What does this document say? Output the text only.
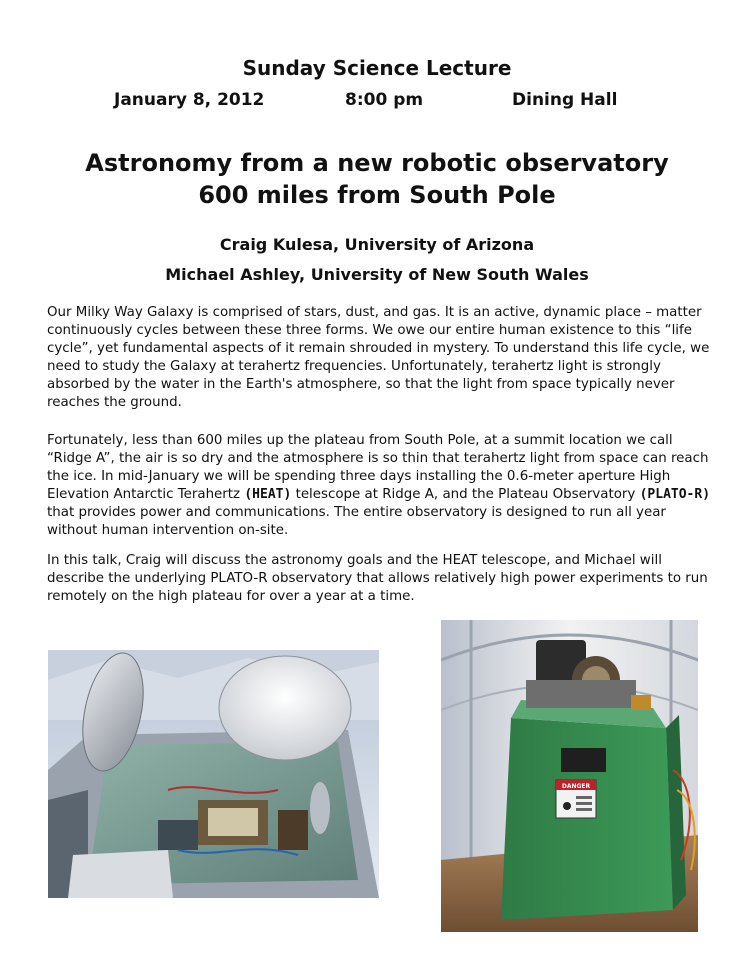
Sunday Science Lecture
January 8, 2012	8:00 pm	Dining Hall
Astronomy from a new robotic observatory
600 miles from South Pole
Craig Kulesa, University of Arizona
Michael Ashley, University of New South Wales
Our Milky Way Galaxy is comprised of stars, dust, and gas. It is an active, dynamic place – matter continuously cycles between these three forms. We owe our entire human existence to this “life cycle”, yet fundamental aspects of it remain shrouded in mystery. To understand this life cycle, we need to study the Galaxy at terahertz frequencies. Unfortunately, terahertz light is strongly absorbed by the water in the Earth's atmosphere, so that the light from space typically never reaches the ground.
Fortunately, less than 600 miles up the plateau from South Pole, at a summit location we call “Ridge A”, the air is so dry and the atmosphere is so thin that terahertz light from space can reach the ice. In mid-January we will be spending three days installing the 0.6-meter aperture High Elevation Antarctic Terahertz (HEAT) telescope at Ridge A, and the Plateau Observatory (PLATO-R) that provides power and communications. The entire observatory is designed to run all year without human intervention on-site.
In this talk, Craig will discuss the astronomy goals and the HEAT telescope, and Michael will describe the underlying PLATO-R observatory that allows relatively high power experiments to run remotely on the high plateau for over a year at a time.
DANGER
